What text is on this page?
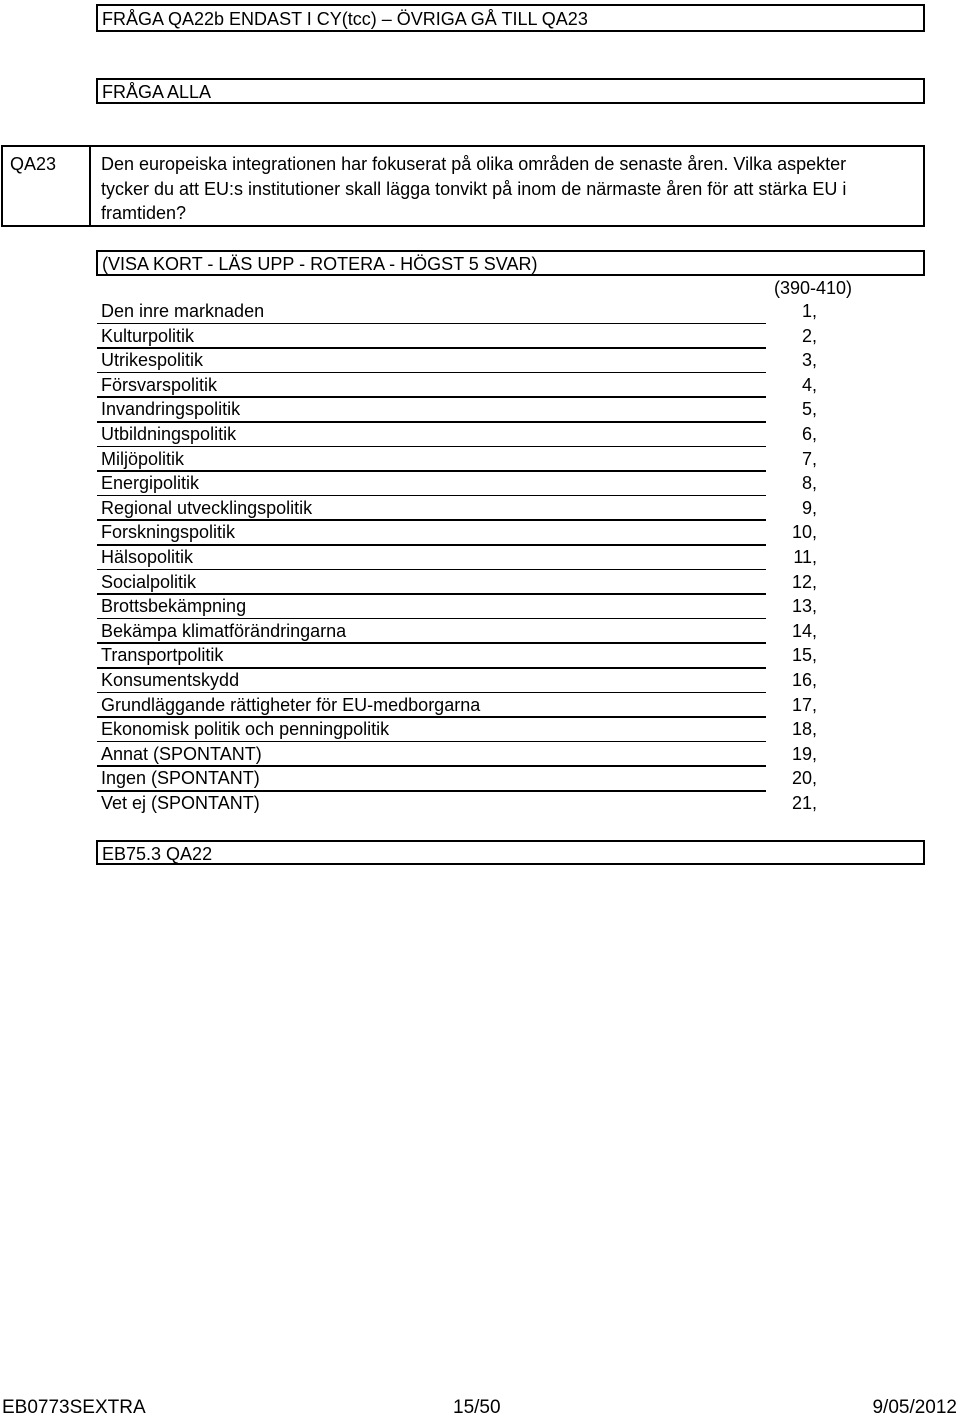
FRÅGA QA22b ENDAST I CY(tcc) – ÖVRIGA GÅ TILL QA23
FRÅGA ALLA
QA23 Den europeiska integrationen har fokuserat på olika områden de senaste åren. Vilka aspekter
tycker du att EU:s institutioner skall lägga tonvikt på inom de närmaste åren för att stärka EU i
framtiden?
(VISA KORT - LÄS UPP - ROTERA - HÖGST 5 SVAR)
(390-410)
Den inre marknaden	1,
Kulturpolitik	2,
Utrikespolitik	3,
Försvarspolitik	4,
Invandringspolitik	5,
Utbildningspolitik	6,
Miljöpolitik	7,
Energipolitik	8,
Regional utvecklingspolitik	9,
Forskningspolitik	10,
Hälsopolitik	11,
Socialpolitik	12,
Brottsbekämpning	13,
Bekämpa klimatförändringarna	14,
Transportpolitik	15,
Konsumentskydd	16,
Grundläggande rättigheter för EU-medborgarna	17,
Ekonomisk politik och penningpolitik	18,
Annat (SPONTANT)	19,
Ingen (SPONTANT)	20,
Vet ej (SPONTANT)	21,
EB75.3 QA22
EB0773SEXTRA	15/50	9/05/2012
